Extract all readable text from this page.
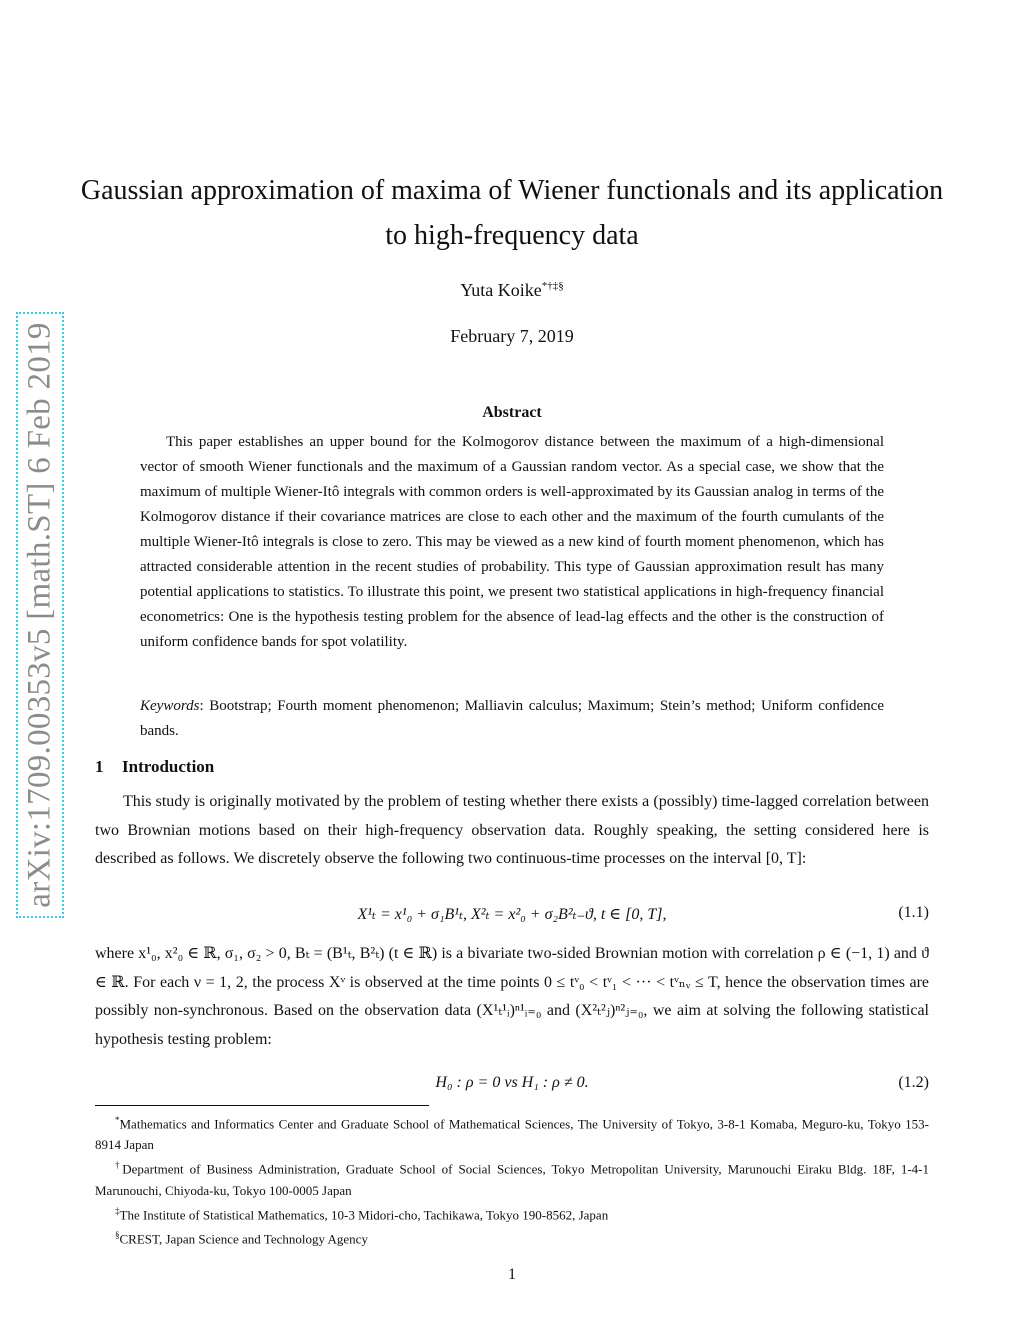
arXiv:1709.00353v5 [math.ST] 6 Feb 2019
Gaussian approximation of maxima of Wiener functionals and its application to high-frequency data
Yuta Koike*†‡§
February 7, 2019
Abstract

This paper establishes an upper bound for the Kolmogorov distance between the maximum of a high-dimensional vector of smooth Wiener functionals and the maximum of a Gaussian random vector. As a special case, we show that the maximum of multiple Wiener-Itô integrals with common orders is well-approximated by its Gaussian analog in terms of the Kolmogorov distance if their covariance matrices are close to each other and the maximum of the fourth cumulants of the multiple Wiener-Itô integrals is close to zero. This may be viewed as a new kind of fourth moment phenomenon, which has attracted considerable attention in the recent studies of probability. This type of Gaussian approximation result has many potential applications to statistics. To illustrate this point, we present two statistical applications in high-frequency financial econometrics: One is the hypothesis testing problem for the absence of lead-lag effects and the other is the construction of uniform confidence bands for spot volatility.

Keywords: Bootstrap; Fourth moment phenomenon; Malliavin calculus; Maximum; Stein’s method; Uniform confidence bands.

1 Introduction

This study is originally motivated by the problem of testing whether there exists a (possibly) time-lagged correlation between two Brownian motions based on their high-frequency observation data. Roughly speaking, the setting considered here is described as follows. We discretely observe the following two continuous-time processes on the interval [0, T]:

X¹ₜ = x¹₀ + σ₁B¹ₜ, X²ₜ = x²₀ + σ₂B²ₜ₋ϑ, t ∈ [0, T],	(1.1)

where x¹₀, x²₀ ∈ ℝ, σ₁, σ₂ > 0, Bₜ = (B¹ₜ, B²ₜ) (t ∈ ℝ) is a bivariate two-sided Brownian motion with correlation ρ ∈ (−1, 1) and ϑ ∈ ℝ. For each ν = 1, 2, the process Xᵛ is observed at the time points 0 ≤ tᵛ₀ < tᵛ₁ < ··· < tᵛₙᵥ ≤ T, hence the observation times are possibly non-synchronous. Based on the observation data (X¹ₜ¹ᵢ)ⁿ¹ᵢ₌₀ and (X²ₜ²ⱼ)ⁿ²ⱼ₌₀, we aim at solving the following statistical hypothesis testing problem:

H₀ : ρ = 0 vs H₁ : ρ ≠ 0.	(1.2)

*Mathematics and Informatics Center and Graduate School of Mathematical Sciences, The University of Tokyo, 3-8-1 Komaba, Meguro-ku, Tokyo 153-8914 Japan

†Department of Business Administration, Graduate School of Social Sciences, Tokyo Metropolitan University, Marunouchi Eiraku Bldg. 18F, 1-4-1 Marunouchi, Chiyoda-ku, Tokyo 100-0005 Japan

‡The Institute of Statistical Mathematics, 10-3 Midori-cho, Tachikawa, Tokyo 190-8562, Japan

§CREST, Japan Science and Technology Agency

1
